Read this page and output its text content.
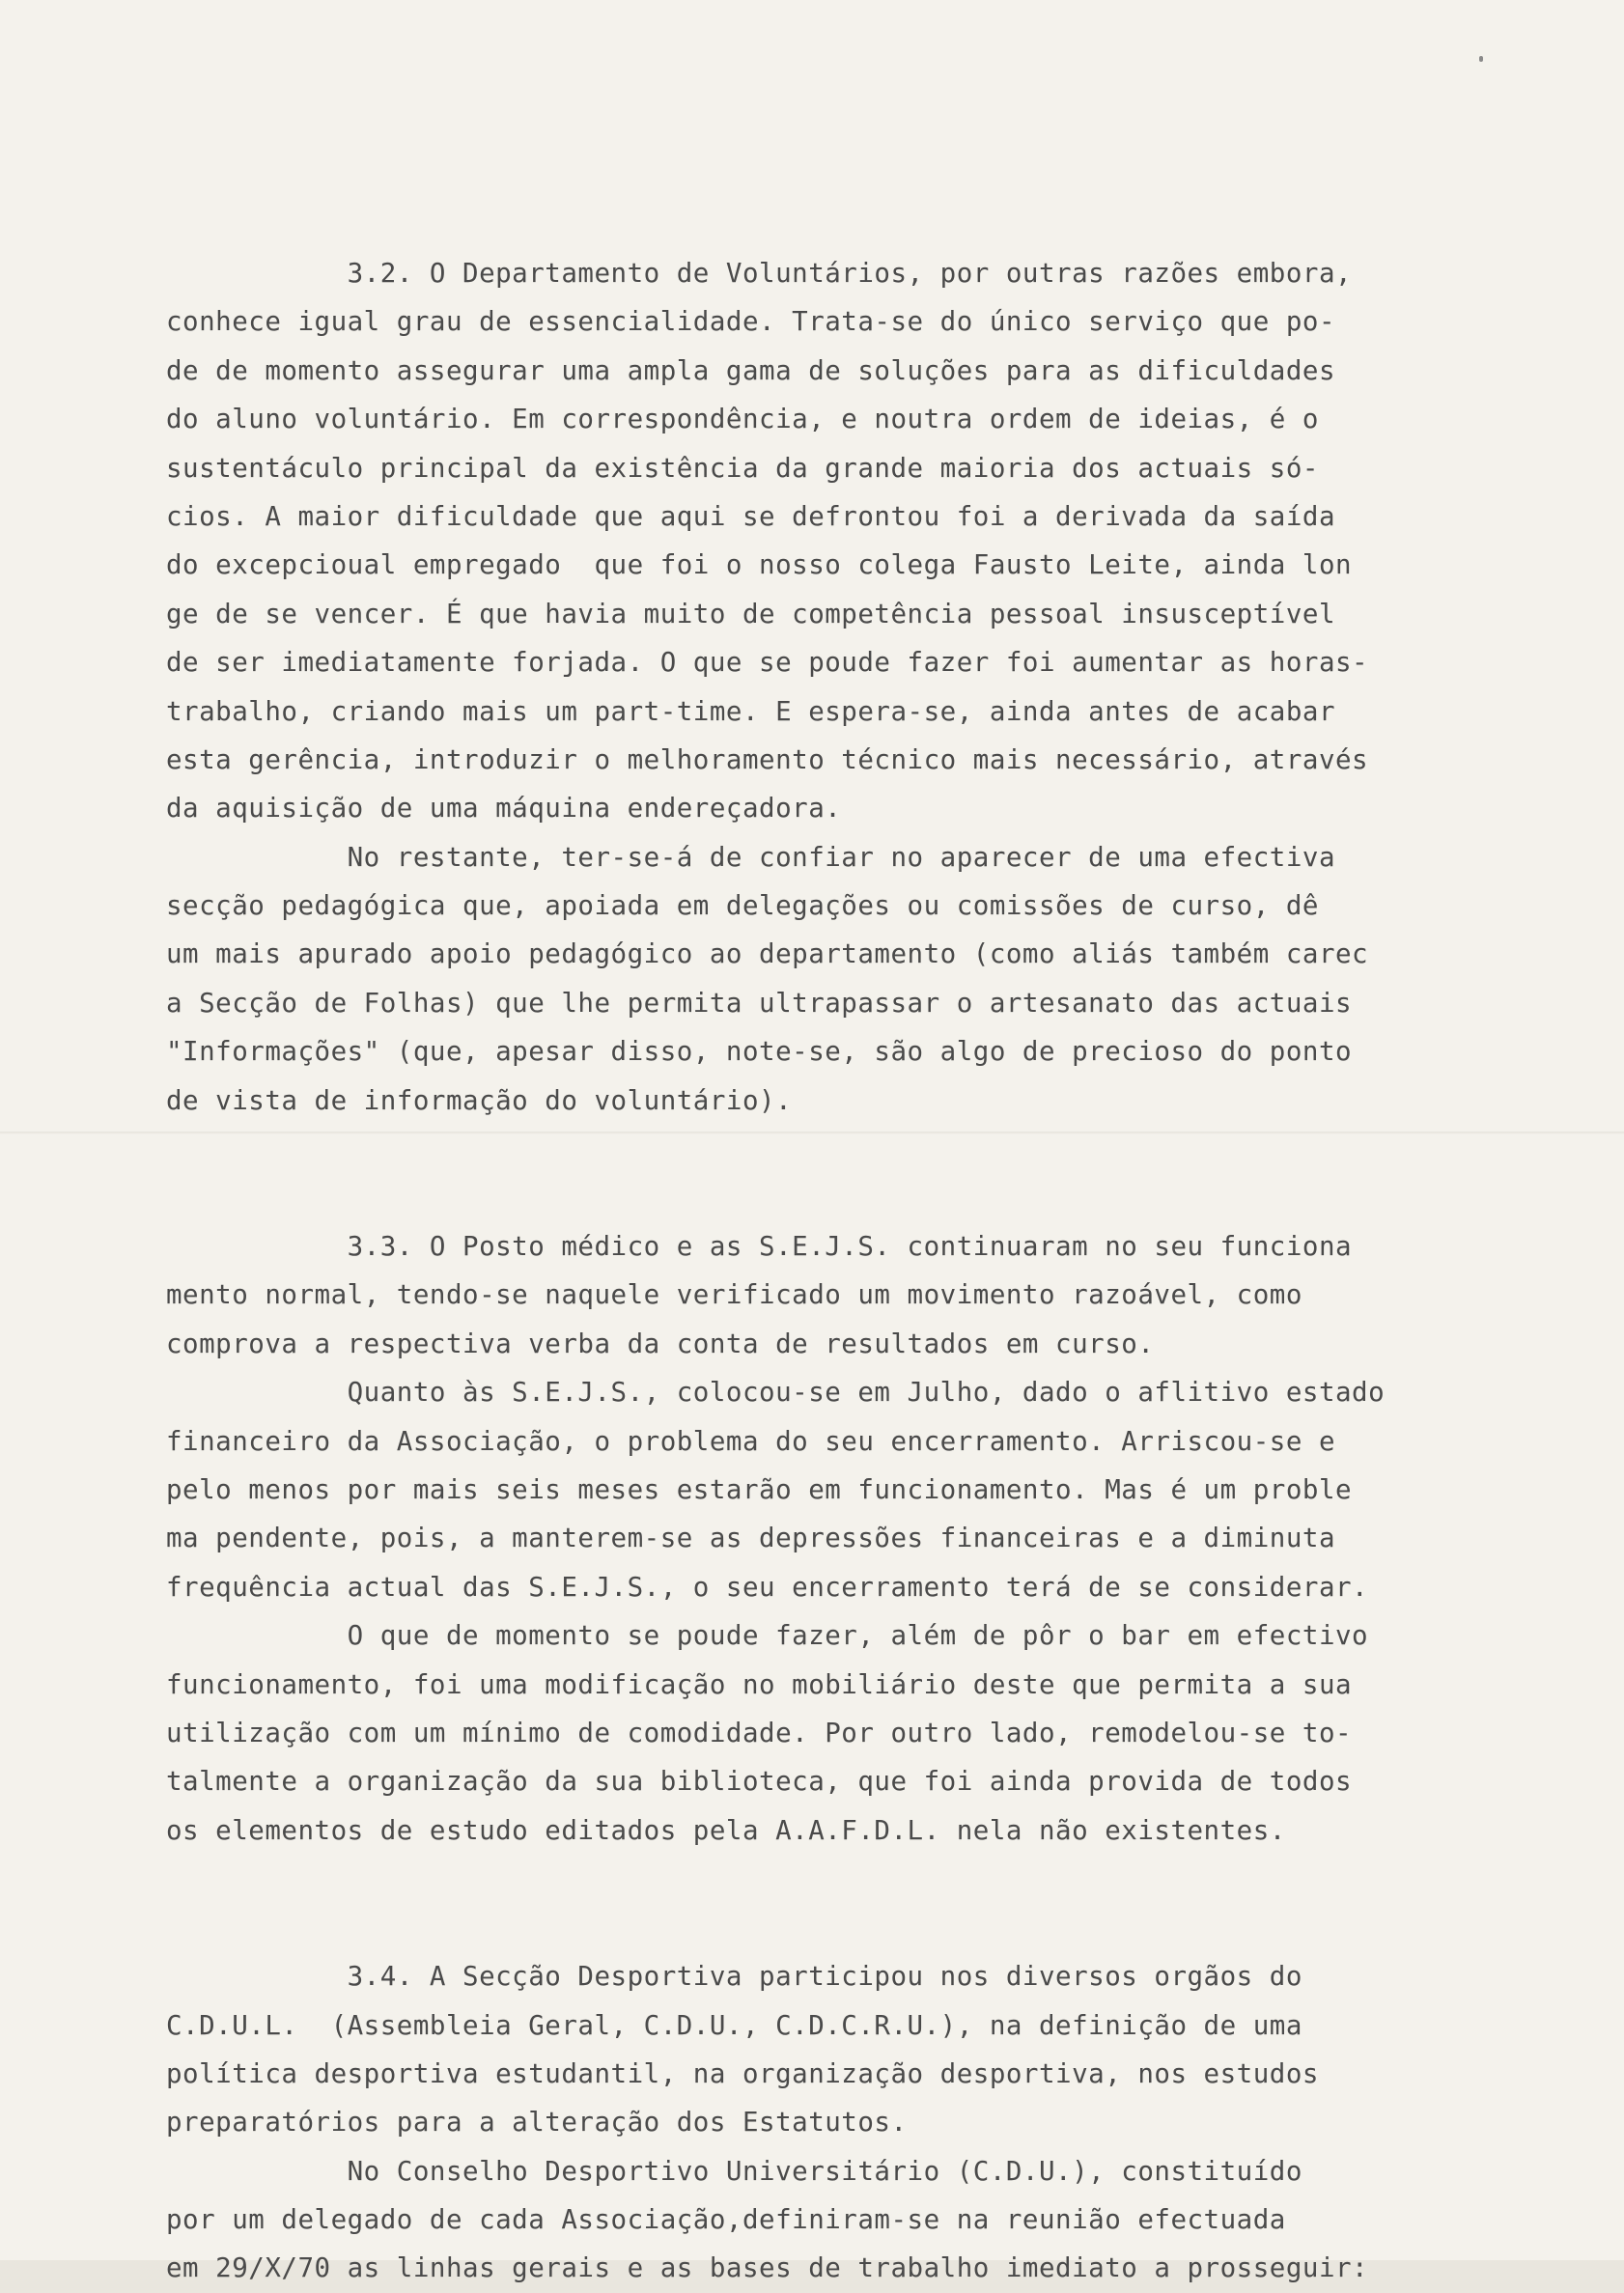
3.2. O Departamento de Voluntários, por outras razões embora,
conhece igual grau de essencialidade. Trata-se do único serviço que po-
de de momento assegurar uma ampla gama de soluções para as dificuldades
do aluno voluntário. Em correspondência, e noutra ordem de ideias, é o
sustentáculo principal da existência da grande maioria dos actuais só-
cios. A maior dificuldade que aqui se defrontou foi a derivada da saída
do excepcioual empregado  que foi o nosso colega Fausto Leite, ainda lon
ge de se vencer. É que havia muito de competência pessoal insusceptível
de ser imediatamente forjada. O que se poude fazer foi aumentar as horas-
trabalho, criando mais um part-time. E espera-se, ainda antes de acabar
esta gerência, introduzir o melhoramento técnico mais necessário, através
da aquisição de uma máquina endereçadora.
No restante, ter-se-á de confiar no aparecer de uma efectiva
secção pedagógica que, apoiada em delegações ou comissões de curso, dê
um mais apurado apoio pedagógico ao departamento (como aliás também carec
a Secção de Folhas) que lhe permita ultrapassar o artesanato das actuais
"Informações" (que, apesar disso, note-se, são algo de precioso do ponto
de vista de informação do voluntário).
3.3. O Posto médico e as S.E.J.S. continuaram no seu funciona
mento normal, tendo-se naquele verificado um movimento razoável, como
comprova a respectiva verba da conta de resultados em curso.
Quanto às S.E.J.S., colocou-se em Julho, dado o aflitivo estado
financeiro da Associação, o problema do seu encerramento. Arriscou-se e
pelo menos por mais seis meses estarão em funcionamento. Mas é um proble
ma pendente, pois, a manterem-se as depressões financeiras e a diminuta
frequência actual das S.E.J.S., o seu encerramento terá de se considerar.
O que de momento se poude fazer, além de pôr o bar em efectivo
funcionamento, foi uma modificação no mobiliário deste que permita a sua
utilização com um mínimo de comodidade. Por outro lado, remodelou-se to-
talmente a organização da sua biblioteca, que foi ainda provida de todos
os elementos de estudo editados pela A.A.F.D.L. nela não existentes.
3.4. A Secção Desportiva participou nos diversos orgãos do
C.D.U.L.  (Assembleia Geral, C.D.U., C.D.C.R.U.), na definição de uma
política desportiva estudantil, na organização desportiva, nos estudos
preparatórios para a alteração dos Estatutos.
No Conselho Desportivo Universitário (C.D.U.), constituído
por um delegado de cada Associação,definiram-se na reunião efectuada
em 29/X/70 as linhas gerais e as bases de trabalho imediato a prosseguir:
